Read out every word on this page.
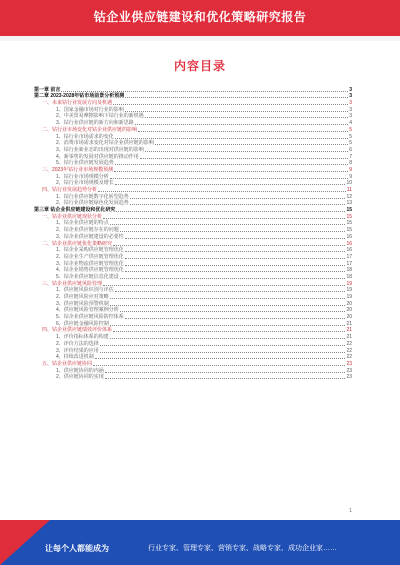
钴企业供应链建设和优化策略研究报告
内容目录
第一章 前言	3
第二章 2023-2028年钴市场前景分析预测	3
一、未来钴行业发展方向及机遇	3
1、国家金融市场对行业的影响	3
2、中美贸易摩擦影响下钴行业的新机遇	3
3、钴行业供应链的新方向和新思路	4
二、钴行业市场变化对钴企业供应链的影响	5
1、钴行业市场需求的变化	5
2、消费市场需求变化对钴企业供应链的影响	5
3、钴行业新业态的出现对供应链的影响	6
4、新零售的发展对供应链的推动作用	7
5、钴行业供应链发展趋势	8
三、2023年钴行业市场规模预测	9
1、钴行业市场规模分析	9
2、钴行业市场规模及增长	10
四、钴行业发展趋势分析	11
1、钴行业供应链数字化转型趋势	12
2、钴行业供应链绿色化发展趋势	13
第三章 钴企业供应链建设和优化研究	15
一、钴企业供应链现状分析	15
1、钴企业供应链的特点	15
2、钴企业供应链存在的问题	15
3、钴企业供应链建设的必要性	16
二、钴企业供应链优化策略研究	16
1、钴企业采购供应链管理优化	16
2、钴企业生产供应链管理优化	17
3、钴企业物流供应链管理优化	17
4、钴企业销售供应链管理优化	18
5、钴企业供应链信息化建设	18
三、钴企业供应链风险管理	19
1、供应链风险识别与评估	19
2、供应链风险应对策略	19
3、供应链风险预警机制	20
4、供应链风险管理案例分析	20
5、钴企业供应链风险防控体系	20
6、供应链金融风险控制	21
四、钴企业供应链绩效评价体系	21
1、评价指标体系的构建	21
2、评价方法的选择	22
3、评价结果的应用	22
4、持续改进机制	22
五、钴企业供应链协同	23
1、供应链协同的内涵	23
2、供应链协同的实现	23
1
让每个人都能成为	行业专家、管理专家、营销专家、战略专家、成功企业家……
